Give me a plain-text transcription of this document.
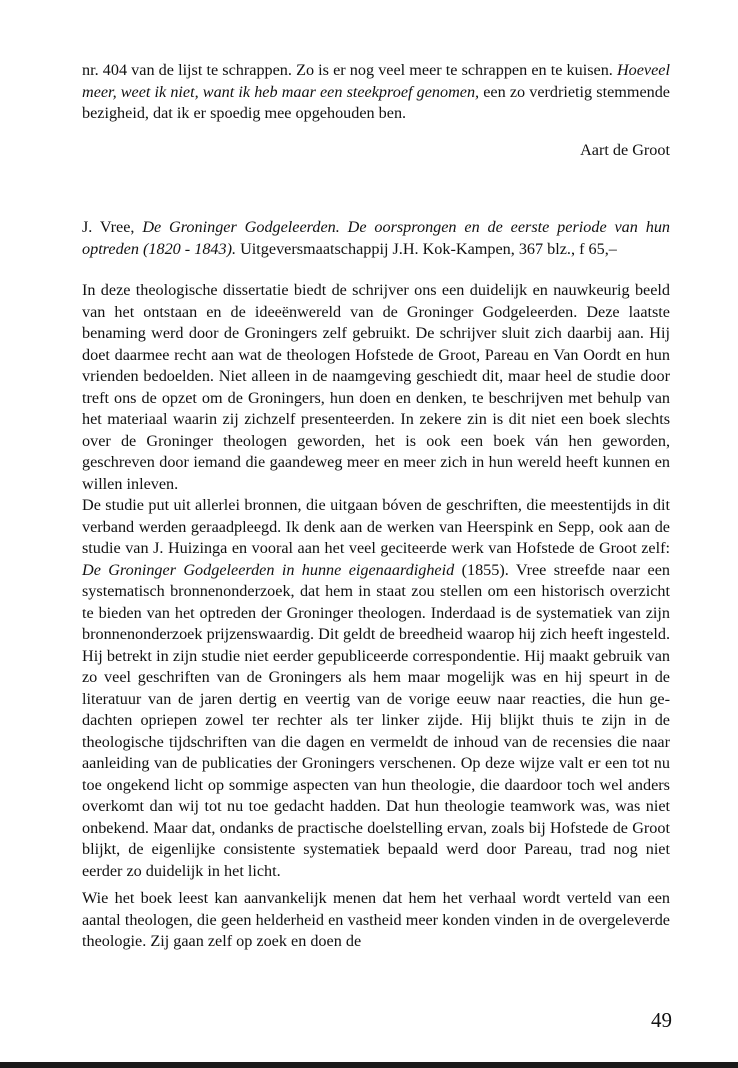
nr. 404 van de lijst te schrappen. Zo is er nog veel meer te schrappen en te kuisen. Hoeveel meer, weet ik niet, want ik heb maar een steekproef genomen, een zo verdrietig stemmende bezigheid, dat ik er spoedig mee opgehouden ben.

Aart de Groot

J. Vree, De Groninger Godgeleerden. De oorsprongen en de eerste periode van hun optreden (1820 - 1843). Uitgeversmaatschappij J.H. Kok-Kampen, 367 blz., f 65,–

In deze theologische dissertatie biedt de schrijver ons een duidelijk en nauwkeurig beeld van het ontstaan en de ideeënwereld van de Groninger Godgeleerden. Deze laatste benaming werd door de Groningers zelf gebruikt. De schrijver sluit zich daarbij aan. Hij doet daarmee recht aan wat de theologen Hofstede de Groot, Pareau en Van Oordt en hun vrienden bedoelden. Niet alleen in de naamgeving geschiedt dit, maar heel de studie door treft ons de opzet om de Groningers, hun doen en denken, te beschrijven met behulp van het materiaal waarin zij zichzelf presenteerden. In zekere zin is dit niet een boek slechts over de Groninger theologen geworden, het is ook een boek ván hen geworden, geschreven door iemand die gaandeweg meer en meer zich in hun wereld heeft kunnen en willen inleven.

De studie put uit allerlei bronnen, die uitgaan bóven de geschriften, die meestentijds in dit verband werden geraadpleegd. Ik denk aan de werken van Heerspink en Sepp, ook aan de studie van J. Huizinga en vooral aan het veel geciteerde werk van Hofstede de Groot zelf: De Groninger Godgeleerden in hunne eigenaardigheid (1855). Vree streefde naar een systematisch bronnenonderzoek, dat hem in staat zou stellen om een historisch overzicht te bieden van het optreden der Groninger theologen. Inderdaad is de systematiek van zijn bronnenonderzoek prijzenswaardig. Dit geldt de breedheid waarop hij zich heeft ingesteld. Hij betrekt in zijn studie niet eerder gepubliceerde correspondentie. Hij maakt gebruik van zo veel geschriften van de Groningers als hem maar mogelijk was en hij speurt in de literatuur van de jaren dertig en veertig van de vorige eeuw naar reacties, die hun gedachten opriepen zowel ter rechter als ter linker zijde. Hij blijkt thuis te zijn in de theologische tijdschriften van die dagen en vermeldt de inhoud van de recensies die naar aanleiding van de publicaties der Groningers verschenen. Op deze wijze valt er een tot nu toe ongekend licht op sommige aspecten van hun theologie, die daardoor toch wel anders overkomt dan wij tot nu toe gedacht hadden. Dat hun theologie teamwork was, was niet onbekend. Maar dat, ondanks de practische doelstelling ervan, zoals bij Hofstede de Groot blijkt, de eigenlijke consistente systematiek bepaald werd door Pareau, trad nog niet eerder zo duidelijk in het licht.

Wie het boek leest kan aanvankelijk menen dat hem het verhaal wordt verteld van een aantal theologen, die geen helderheid en vastheid meer konden vinden in de overgeleverde theologie. Zij gaan zelf op zoek en doen de

49
